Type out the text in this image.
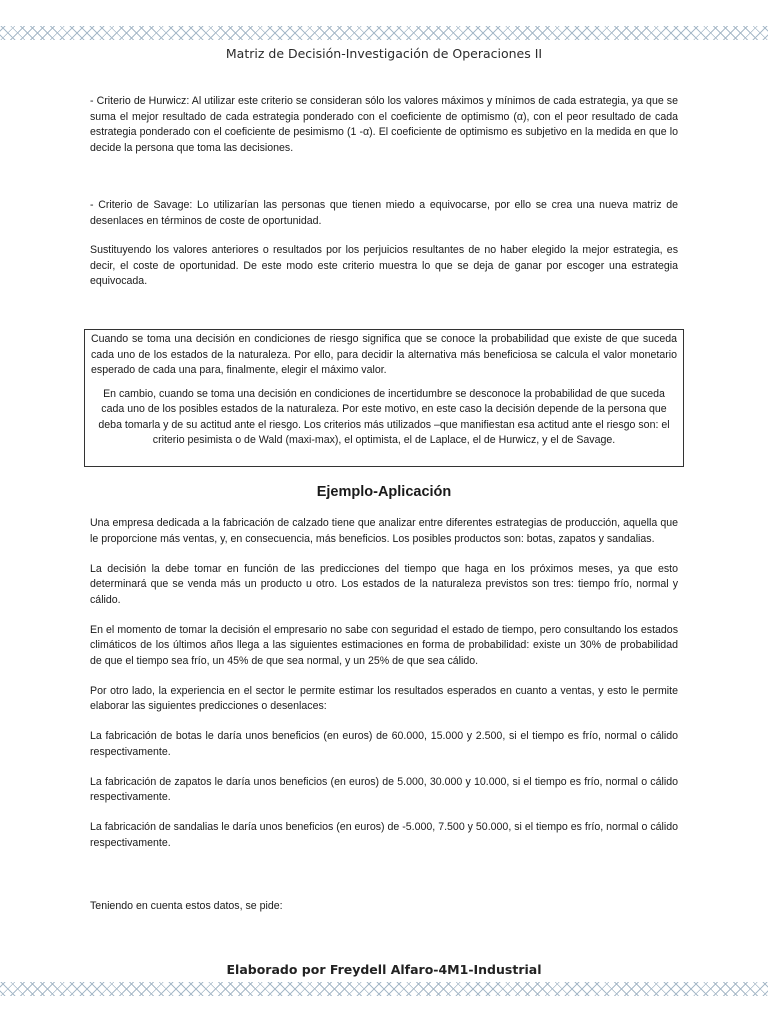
Matriz de Decisión-Investigación de Operaciones II

- Criterio de Hurwicz: Al utilizar este criterio se consideran sólo los valores máximos y mínimos de cada estrategia, ya que se suma el mejor resultado de cada estrategia ponderado con el coeficiente de optimismo (α), con el peor resultado de cada estrategia ponderado con el coeficiente de pesimismo (1 -α). El coeficiente de optimismo es subjetivo en la medida en que lo decide la persona que toma las decisiones.

- Criterio de Savage: Lo utilizarían las personas que tienen miedo a equivocarse, por ello se crea una nueva matriz de desenlaces en términos de coste de oportunidad.

Sustituyendo los valores anteriores o resultados por los perjuicios resultantes de no haber elegido la mejor estrategia, es decir, el coste de oportunidad. De este modo este criterio muestra lo que se deja de ganar por escoger una estrategia equivocada.

Cuando se toma una decisión en condiciones de riesgo significa que se conoce la probabilidad que existe de que suceda cada uno de los estados de la naturaleza. Por ello, para decidir la alternativa más beneficiosa se calcula el valor monetario esperado de cada una para, finalmente, elegir el máximo valor.

En cambio, cuando se toma una decisión en condiciones de incertidumbre se desconoce la probabilidad de que suceda cada uno de los posibles estados de la naturaleza. Por este motivo, en este caso la decisión depende de la persona que deba tomarla y de su actitud ante el riesgo. Los criterios más utilizados –que manifiestan esa actitud ante el riesgo son: el criterio pesimista o de Wald (maxi-max), el optimista, el de Laplace, el de Hurwicz, y el de Savage.

Ejemplo-Aplicación

Una empresa dedicada a la fabricación de calzado tiene que analizar entre diferentes estrategias de producción, aquella que le proporcione más ventas, y, en consecuencia, más beneficios. Los posibles productos son: botas, zapatos y sandalias.

La decisión la debe tomar en función de las predicciones del tiempo que haga en los próximos meses, ya que esto determinará que se venda más un producto u otro. Los estados de la naturaleza previstos son tres: tiempo frío, normal y cálido.

En el momento de tomar la decisión el empresario no sabe con seguridad el estado de tiempo, pero consultando los estados climáticos de los últimos años llega a las siguientes estimaciones en forma de probabilidad: existe un 30% de probabilidad de que el tiempo sea frío, un 45% de que sea normal, y un 25% de que sea cálido.

Por otro lado, la experiencia en el sector le permite estimar los resultados esperados en cuanto a ventas, y esto le permite elaborar las siguientes predicciones o desenlaces:

La fabricación de botas le daría unos beneficios (en euros) de 60.000, 15.000 y 2.500, si el tiempo es frío, normal o cálido respectivamente.

La fabricación de zapatos le daría unos beneficios (en euros) de 5.000, 30.000 y 10.000, si el tiempo es frío, normal o cálido respectivamente.

La fabricación de sandalias le daría unos beneficios (en euros) de -5.000, 7.500 y 50.000, si el tiempo es frío, normal o cálido respectivamente.

Teniendo en cuenta estos datos, se pide:

Elaborado por Freydell Alfaro-4M1-Industrial
